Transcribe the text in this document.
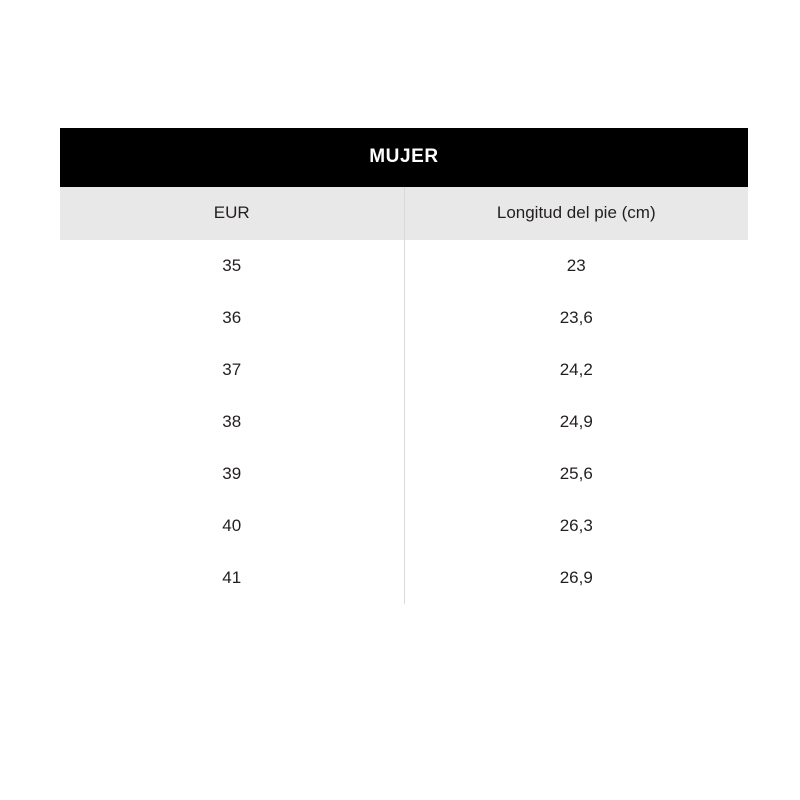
MUJER	
EUR	Longitud del pie (cm)
35	23
36	23,6
37	24,2
38	24,9
39	25,6
40	26,3
41	26,9
